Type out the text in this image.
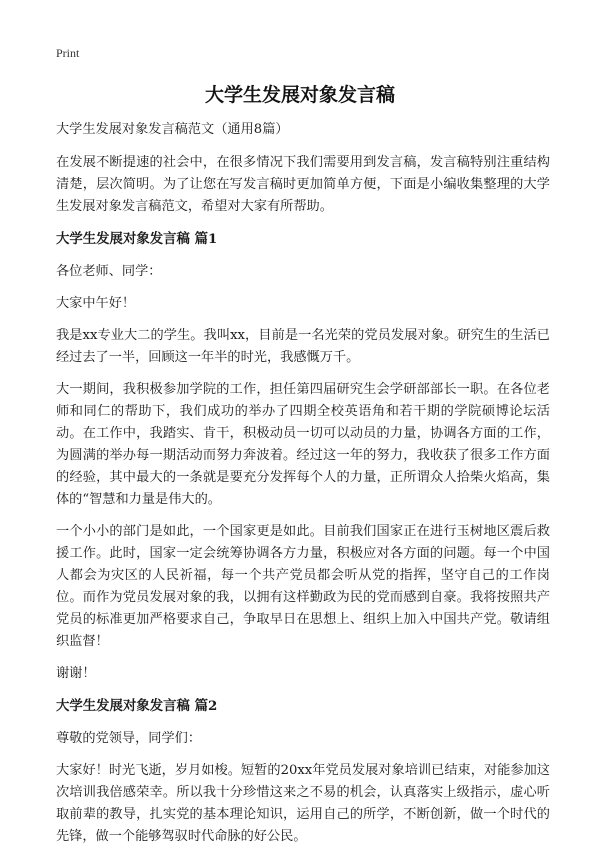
Print
大学生发展对象发言稿

大学生发展对象发言稿范文（通用8篇）

在发展不断提速的社会中，在很多情况下我们需要用到发言稿，发言稿特别注重结构清楚，层次简明。为了让您在写发言稿时更加简单方便，下面是小编收集整理的大学生发展对象发言稿范文，希望对大家有所帮助。

大学生发展对象发言稿 篇1

各位老师、同学：

大家中午好！

我是xx专业大二的学生。我叫xx，目前是一名光荣的党员发展对象。研究生的生活已经过去了一半，回顾这一年半的时光，我感慨万千。

大一期间，我积极参加学院的工作，担任第四届研究生会学研部部长一职。在各位老师和同仁的帮助下，我们成功的举办了四期全校英语角和若干期的学院硕博论坛活动。在工作中，我踏实、肯干，积极动员一切可以动员的力量，协调各方面的工作，为圆满的举办每一期活动而努力奔波着。经过这一年的努力，我收获了很多工作方面的经验，其中最大的一条就是要充分发挥每个人的力量，正所谓众人拾柴火焰高，集体的“智慧和力量是伟大的。

一个小小的部门是如此，一个国家更是如此。目前我们国家正在进行玉树地区震后救援工作。此时，国家一定会统筹协调各方力量，积极应对各方面的问题。每一个中国人都会为灾区的人民祈福，每一个共产党员都会听从党的指挥，坚守自己的工作岗位。而作为党员发展对象的我，以拥有这样勤政为民的党而感到自豪。我将按照共产党员的标准更加严格要求自己，争取早日在思想上、组织上加入中国共产党。敬请组织监督！

谢谢！

大学生发展对象发言稿 篇2

尊敬的党领导，同学们：

大家好！时光飞逝，岁月如梭。短暂的20xx年党员发展对象培训已结束，对能参加这次培训我倍感荣幸。所以我十分珍惜这来之不易的机会，认真落实上级指示，虚心听取前辈的教导，扎实党的基本理论知识，运用自己的所学，不断创新，做一个时代的先锋，做一个能够驾驭时代命脉的好公民。
